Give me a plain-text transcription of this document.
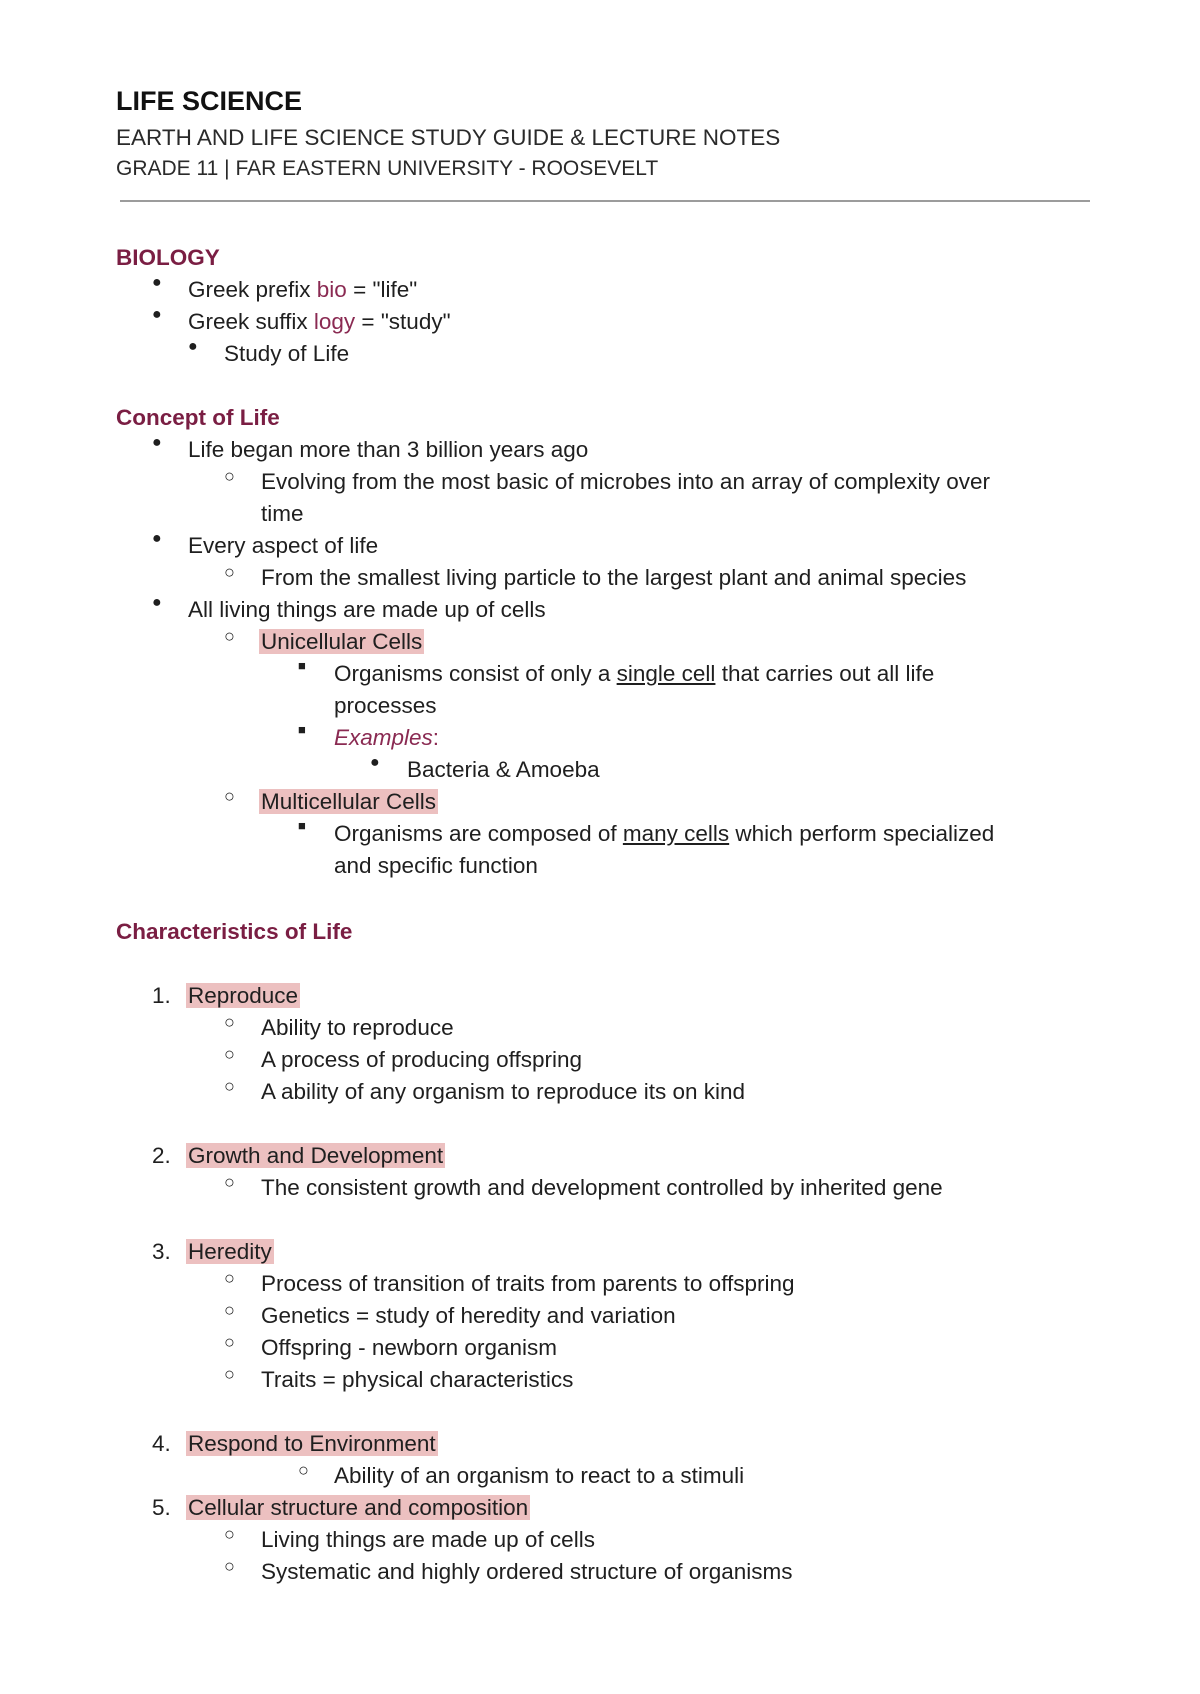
LIFE SCIENCE
EARTH AND LIFE SCIENCE STUDY GUIDE & LECTURE NOTES
GRADE 11 | FAR EASTERN UNIVERSITY - ROOSEVELT
BIOLOGY
● Greek prefix bio = "life"
● Greek suffix logy = "study"
● Study of Life
Concept of Life
● Life began more than 3 billion years ago
○ Evolving from the most basic of microbes into an array of complexity over
time
● Every aspect of life
○ From the smallest living particle to the largest plant and animal species
● All living things are made up of cells
○ Unicellular Cells
■ Organisms consist of only a single cell that carries out all life
processes
■ Examples:
● Bacteria & Amoeba
○ Multicellular Cells
■ Organisms are composed of many cells which perform specialized
and specific function
Characteristics of Life
1. Reproduce
○ Ability to reproduce
○ A process of producing offspring
○ A ability of any organism to reproduce its on kind
2. Growth and Development
○ The consistent growth and development controlled by inherited gene
3. Heredity
○ Process of transition of traits from parents to offspring
○ Genetics = study of heredity and variation
○ Offspring - newborn organism
○ Traits = physical characteristics
4. Respond to Environment
○ Ability of an organism to react to a stimuli
5. Cellular structure and composition
○ Living things are made up of cells
○ Systematic and highly ordered structure of organisms
